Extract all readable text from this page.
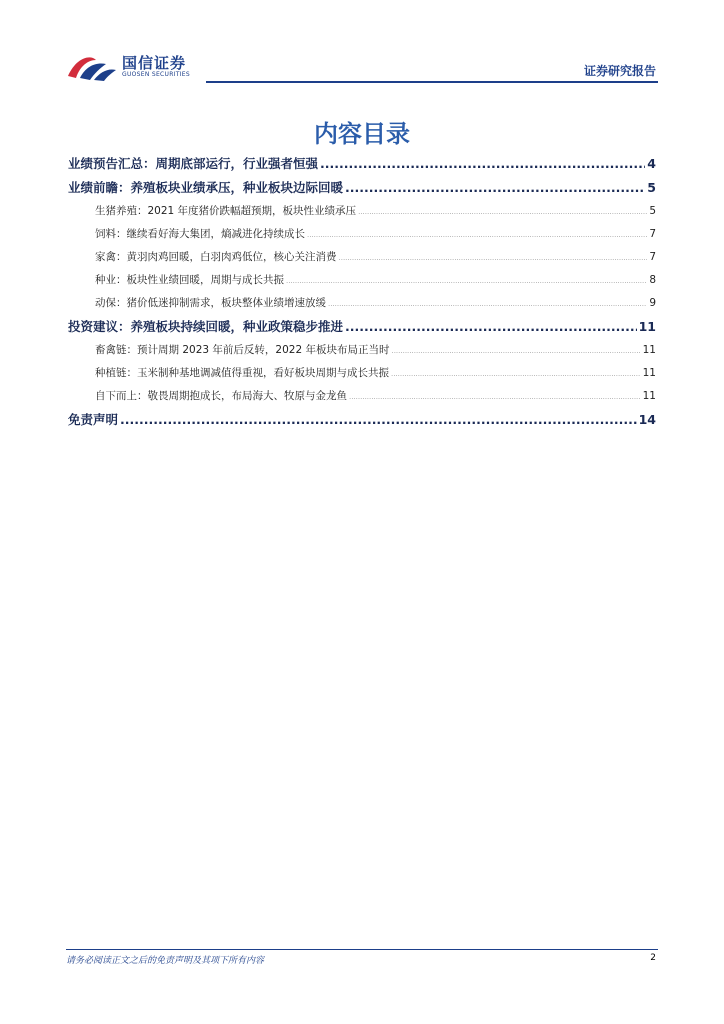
国信证券
GUOSEN SECURITIES	证券研究报告
内容目录
业绩预告汇总：周期底部运行，行业强者恒强 .....	4
业绩前瞻：养殖板块业绩承压，种业板块边际回暖 .....	5
生猪养殖：2021 年度猪价跌幅超预期，板块性业绩承压 .....	5
饲料：继续看好海大集团，熵减进化持续成长 .....	7
家禽：黄羽肉鸡回暖，白羽肉鸡低位，核心关注消费 .....	7
种业：板块性业绩回暖，周期与成长共振 .....	8
动保：猪价低迷抑制需求，板块整体业绩增速放缓 .....	9
投资建议：养殖板块持续回暖，种业政策稳步推进 .....	11
畜禽链：预计周期 2023 年前后反转，2022 年板块布局正当时 .....	11
种植链：玉米制种基地调减值得重视，看好板块周期与成长共振 .....	11
自下而上：敬畏周期抱成长，布局海大、牧原与金龙鱼 .....	11
免责声明 .....	14
请务必阅读正文之后的免责声明及其项下所有内容	2
